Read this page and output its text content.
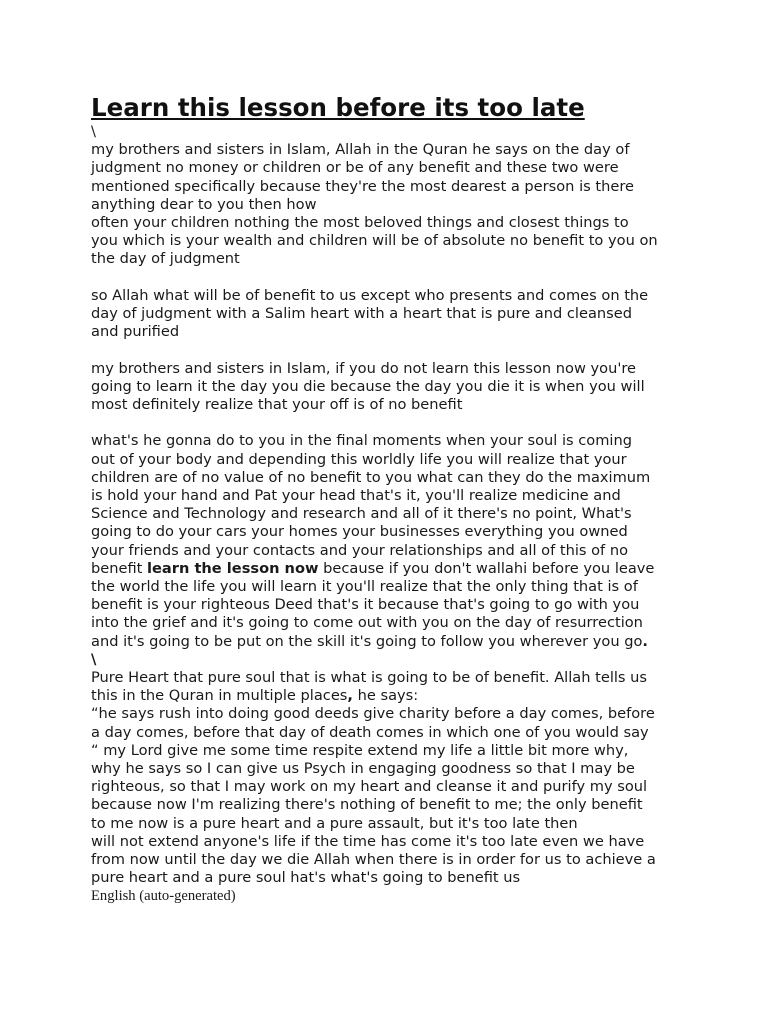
Learn this lesson before its too late
\
my brothers and sisters in Islam, Allah in the Quran he says on the day of
judgment no money or children or be of any benefit and these two were
mentioned specifically because they're the most dearest a person is there
anything dear to you then how
often your children nothing the most beloved things and closest things to
you which is your wealth and children will be of absolute no benefit to you on
the day of judgment
so Allah what will be of benefit to us except who presents and comes on the
day of judgment with a Salim heart with a heart that is pure and cleansed
and purified
my brothers and sisters in Islam, if you do not learn this lesson now you're
going to learn it the day you die because the day you die it is when you will
most definitely realize that your off is of no benefit
what's he gonna do to you in the final moments when your soul is coming
out of your body and depending this worldly life you will realize that your
children are of no value of no benefit to you what can they do the maximum
is hold your hand and Pat your head that's it, you'll realize medicine and
Science and Technology and research and all of it there's no point, What's
going to do your cars your homes your businesses everything you owned
your friends and your contacts and your relationships and all of this of no
benefit learn the lesson now because if you don't wallahi before you leave
the world the life you will learn it you'll realize that the only thing that is of
benefit is your righteous Deed that's it because that's going to go with you
into the grief and it's going to come out with you on the day of resurrection
and it's going to be put on the skill it's going to follow you wherever you go.
\
Pure Heart that pure soul that is what is going to be of benefit. Allah tells us
this in the Quran in multiple places, he says:
“he says rush into doing good deeds give charity before a day comes, before
a day comes, before that day of death comes in which one of you would say
“ my Lord give me some time respite extend my life a little bit more why,
why he says so I can give us Psych in engaging goodness so that I may be
righteous, so that I may work on my heart and cleanse it and purify my soul
because now I'm realizing there's nothing of benefit to me; the only benefit
to me now is a pure heart and a pure assault, but it's too late then
will not extend anyone's life if the time has come it's too late even we have
from now until the day we die Allah when there is in order for us to achieve a
pure heart and a pure soul hat's what's going to benefit us
English (auto-generated)
